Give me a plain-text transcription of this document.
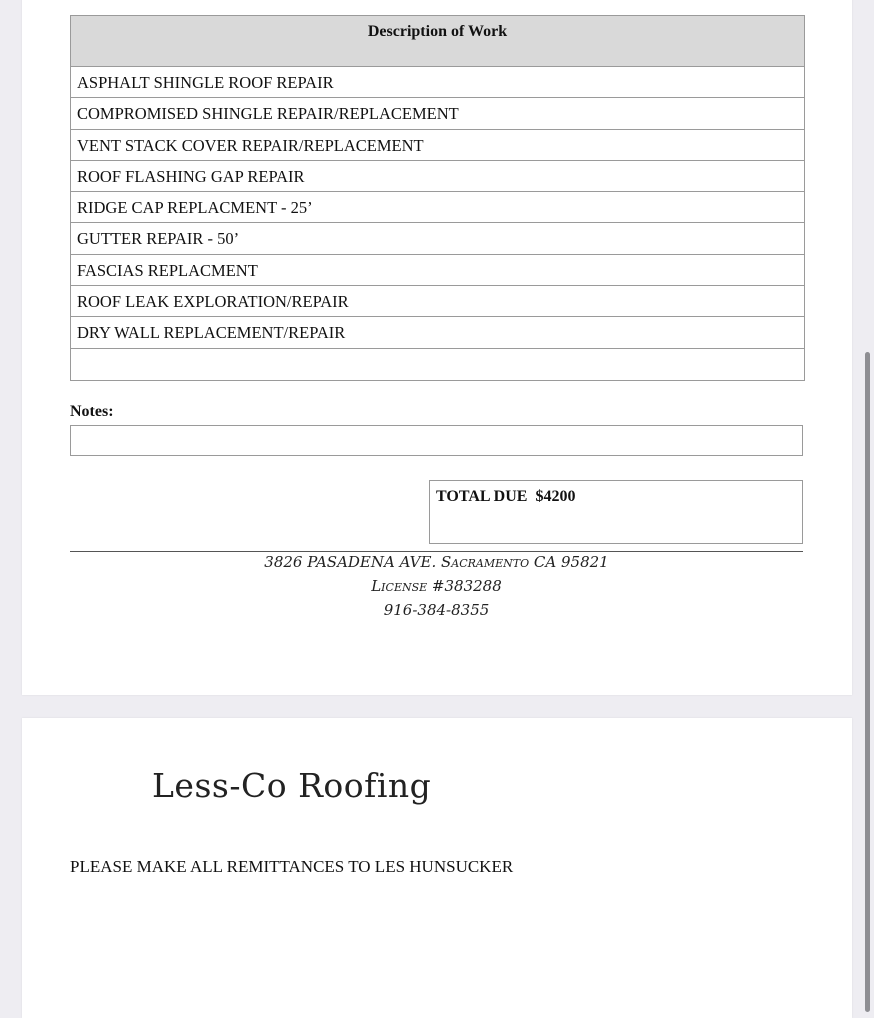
Description of Work
ASPHALT SHINGLE ROOF REPAIR
COMPROMISED SHINGLE REPAIR/REPLACEMENT
VENT STACK COVER REPAIR/REPLACEMENT
ROOF FLASHING GAP REPAIR
RIDGE CAP REPLACMENT - 25’
GUTTER REPAIR - 50’
FASCIAS REPLACMENT
ROOF LEAK EXPLORATION/REPAIR
DRY WALL REPLACEMENT/REPAIR
Notes:
TOTAL DUE  $4200
3826 PASADENA AVE. Sacramento CA 95821
License #383288
916-384-8355
Less-Co Roofing
PLEASE MAKE ALL REMITTANCES TO LES HUNSUCKER
